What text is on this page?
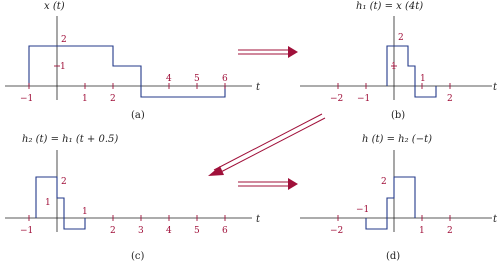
x (t)
t
−1	1 2
4 5 6
1
2
(a)
h₁ (t) = x (4t)
t
−2 −1
1
2
1
2
(b)
h₂ (t) = h₁ (t + 0.5)
t
−1	2 3 4 5 6
1
2
1
(c)
h (t) = h₂ (−t)
t
−2	1 2
−1
2
(d)
